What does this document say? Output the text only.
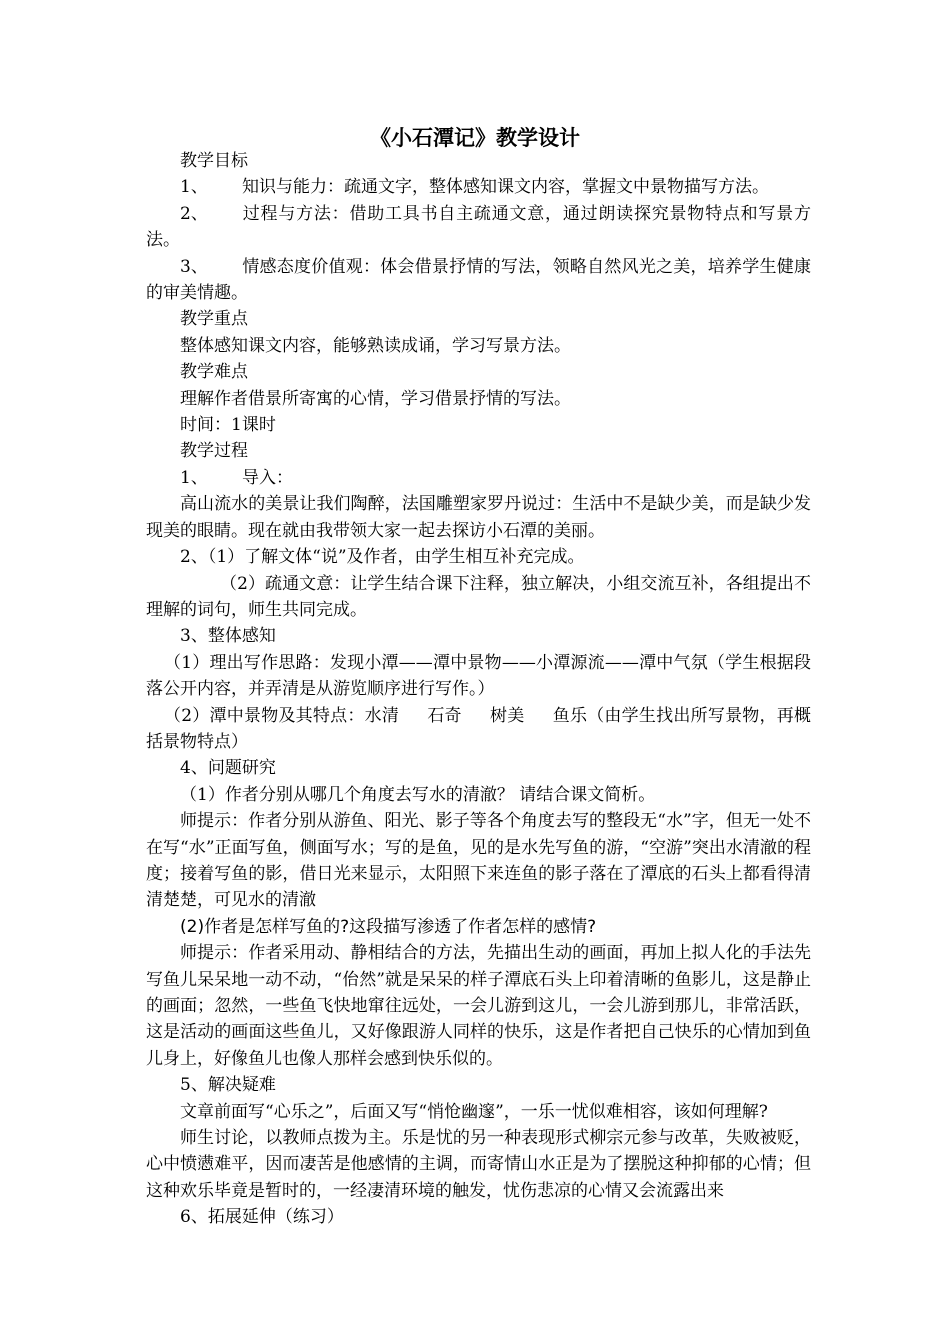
《小石潭记》教学设计

教学目标

1、 知识与能力：疏通文字，整体感知课文内容，掌握文中景物描写方法。

2、 过程与方法：借助工具书自主疏通文意，通过朗读探究景物特点和写景方法。

3、 情感态度价值观：体会借景抒情的写法，领略自然风光之美，培养学生健康的审美情趣。

教学重点

整体感知课文内容，能够熟读成诵，学习写景方法。

教学难点

理解作者借景所寄寓的心情，学习借景抒情的写法。

时间：1课时

教学过程

1、 导入：

高山流水的美景让我们陶醉，法国雕塑家罗丹说过：生活中不是缺少美，而是缺少发现美的眼睛。现在就由我带领大家一起去探访小石潭的美丽。

2、（1）了解文体“说”及作者，由学生相互补充完成。

（2）疏通文意：让学生结合课下注释，独立解决，小组交流互补，各组提出不理解的词句，师生共同完成。

3、整体感知

（1）理出写作思路：发现小潭——潭中景物——小潭源流——潭中气氛（学生根据段落公开内容，并弄清是从游览顺序进行写作。）

（2）潭中景物及其特点：水清 石奇 树美 鱼乐（由学生找出所写景物，再概括景物特点）

4、问题研究

（1）作者分别从哪几个角度去写水的清澈？ 请结合课文简析。

师提示：作者分别从游鱼、阳光、影子等各个角度去写的整段无“水”字，但无一处不在写“水”正面写鱼，侧面写水；写的是鱼，见的是水先写鱼的游，“空游”突出水清澈的程度；接着写鱼的影，借日光来显示，太阳照下来连鱼的影子落在了潭底的石头上都看得清清楚楚，可见水的清澈

(2)作者是怎样写鱼的?这段描写渗透了作者怎样的感情?

师提示：作者采用动、静相结合的方法，先描出生动的画面，再加上拟人化的手法先写鱼儿呆呆地一动不动，“佁然”就是呆呆的样子潭底石头上印着清晰的鱼影儿，这是静止的画面；忽然，一些鱼飞快地窜往远处，一会儿游到这儿，一会儿游到那儿，非常活跃，这是活动的画面这些鱼儿，又好像跟游人同样的快乐，这是作者把自己快乐的心情加到鱼儿身上，好像鱼儿也像人那样会感到快乐似的。

5、解决疑难

文章前面写“心乐之”，后面又写“悄怆幽邃”，一乐一忧似难相容，该如何理解?

师生讨论，以教师点拨为主。乐是忧的另一种表现形式柳宗元参与改革，失败被贬，心中愤懑难平，因而凄苦是他感情的主调，而寄情山水正是为了摆脱这种抑郁的心情；但这种欢乐毕竟是暂时的，一经凄清环境的触发，忧伤悲凉的心情又会流露出来

6、拓展延伸（练习）
